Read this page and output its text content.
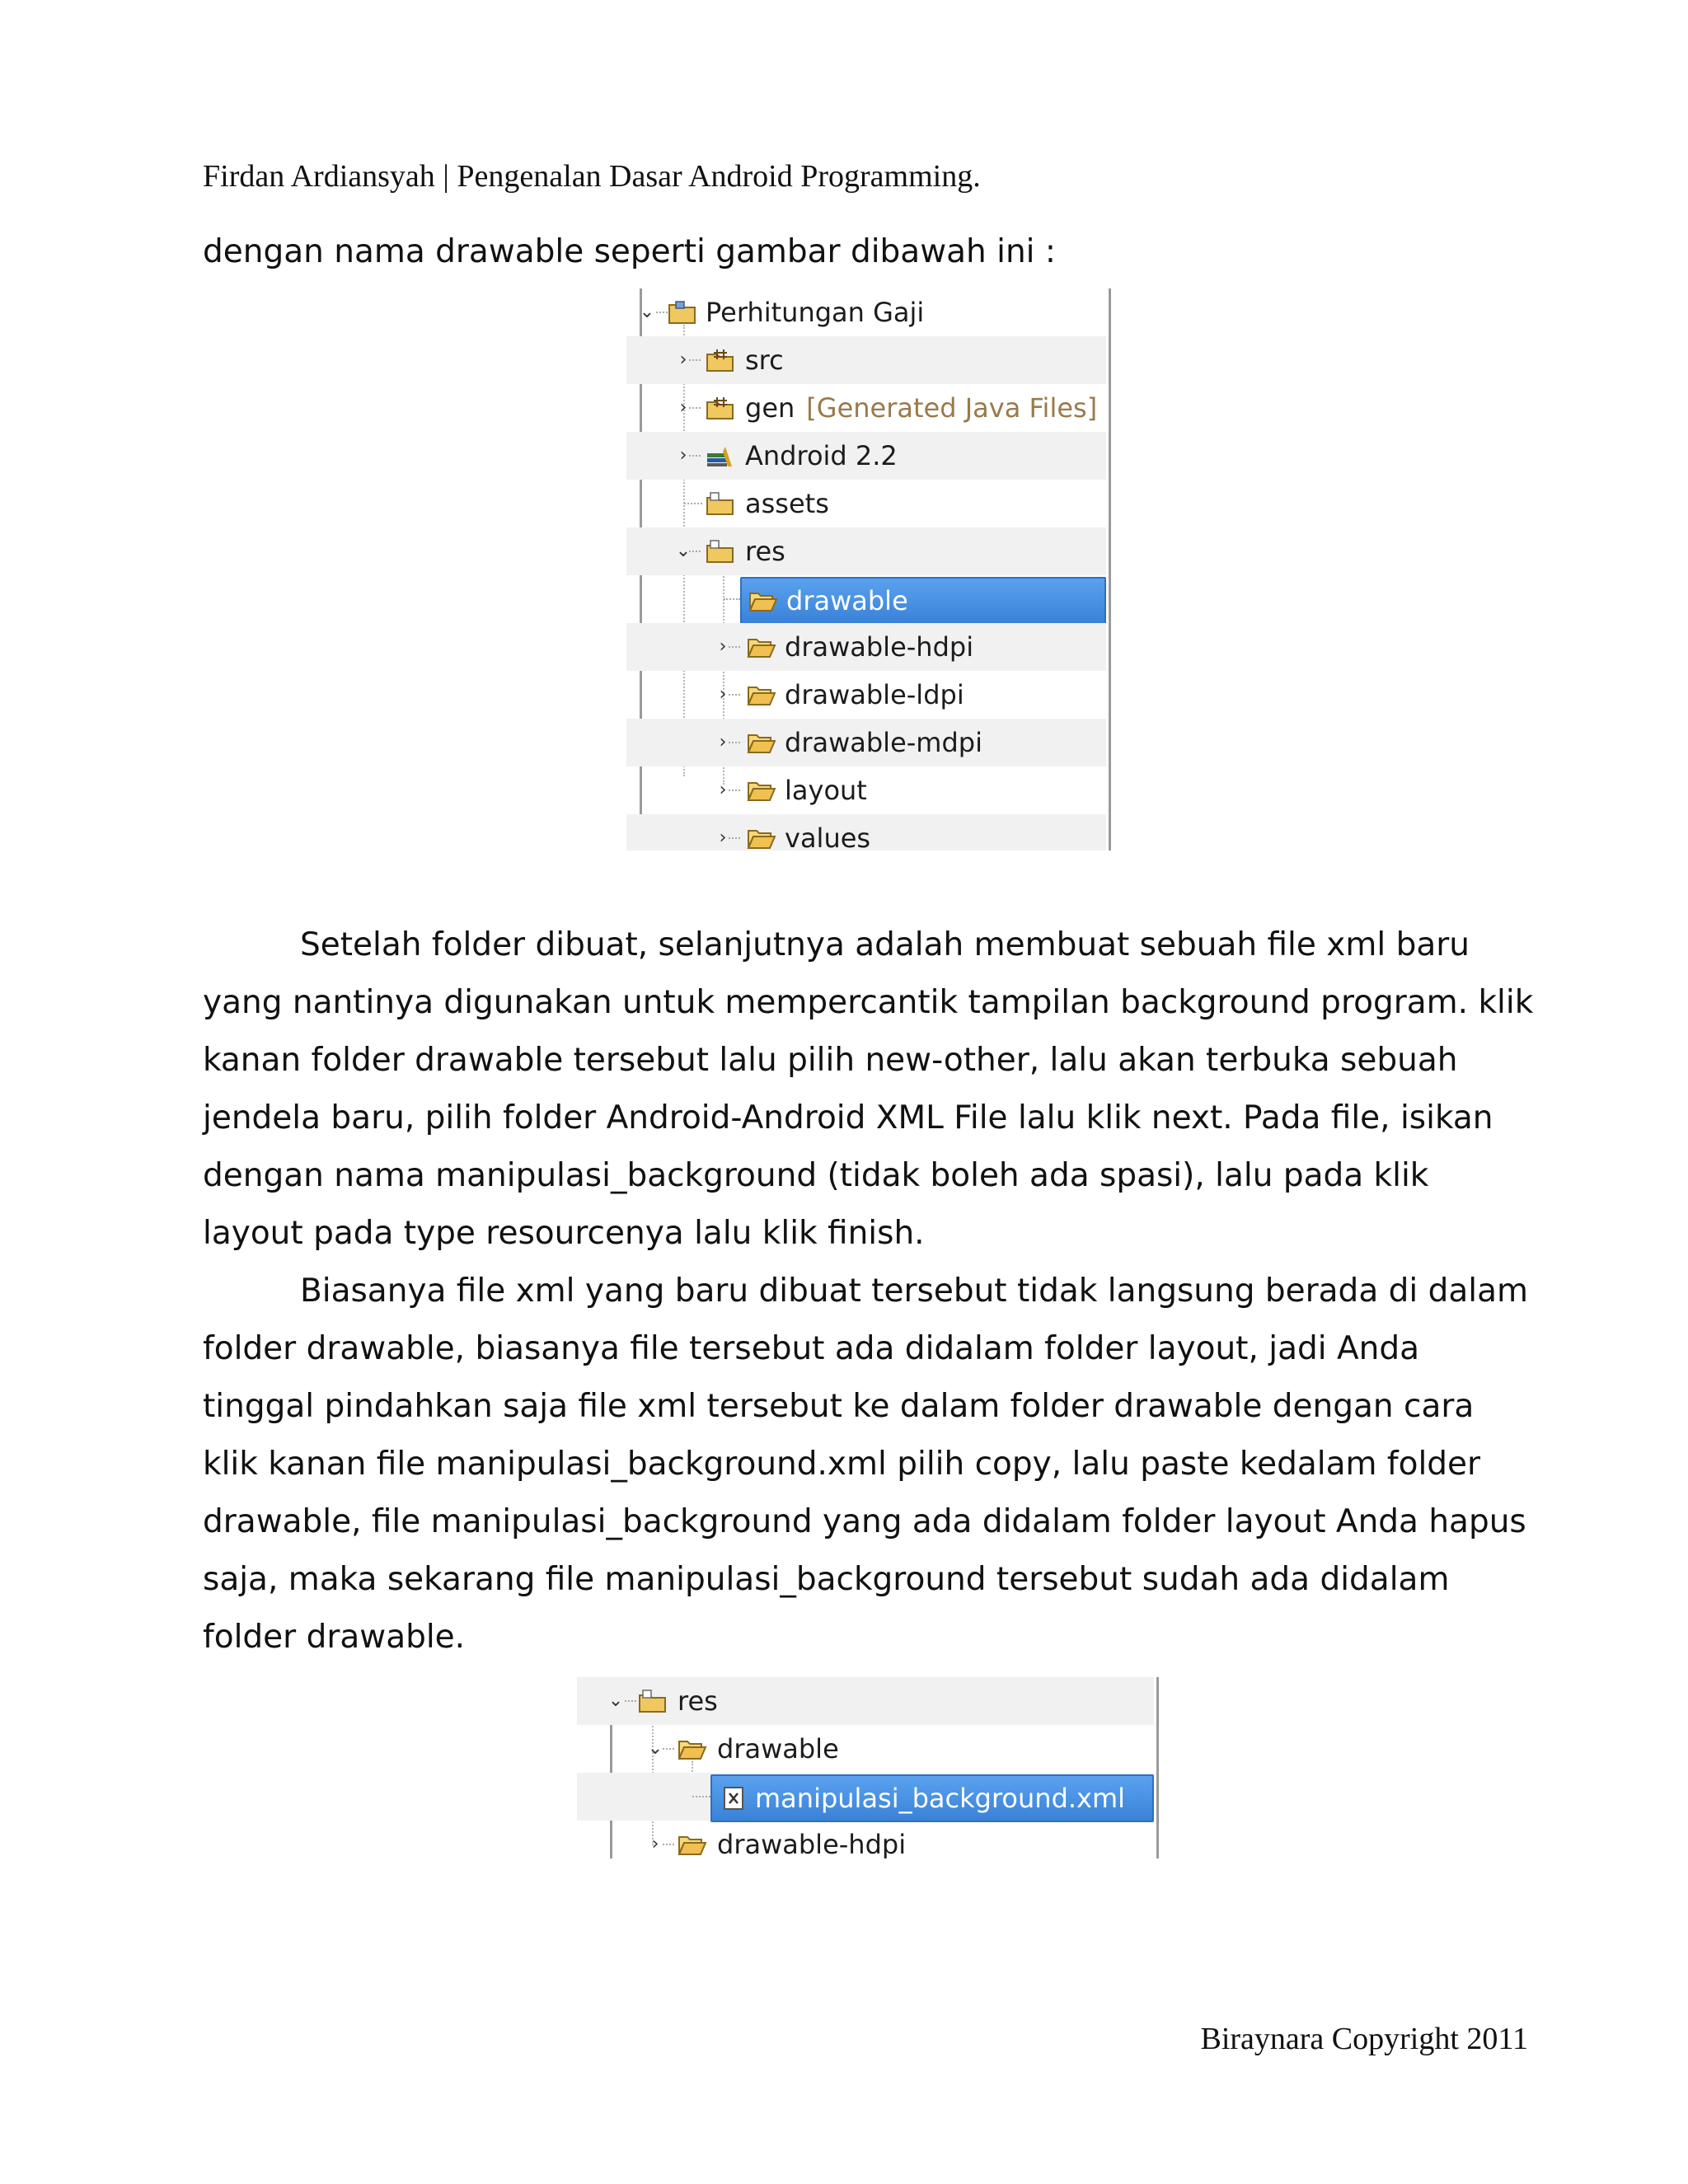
Firdan Ardiansyah | Pengenalan Dasar Android Programming.
dengan nama drawable seperti gambar dibawah ini :
⌄ Perhitungan Gaji
› src
› gen [Generated Java Files]
› Android 2.2
assets
⌄ res
drawable
› drawable-hdpi
› drawable-ldpi
› drawable-mdpi
› layout
› values

Setelah folder dibuat, selanjutnya adalah membuat sebuah file xml baru yang nantinya digunakan untuk mempercantik tampilan background program. klik kanan folder drawable tersebut lalu pilih new-other, lalu akan terbuka sebuah jendela baru, pilih folder Android-Android XML File lalu klik next. Pada file, isikan dengan nama manipulasi_background (tidak boleh ada spasi), lalu pada klik layout pada type resourcenya lalu klik finish.

Biasanya file xml yang baru dibuat tersebut tidak langsung berada di dalam folder drawable, biasanya file tersebut ada didalam folder layout, jadi Anda tinggal pindahkan saja file xml tersebut ke dalam folder drawable dengan cara klik kanan file manipulasi_background.xml pilih copy, lalu paste kedalam folder drawable, file manipulasi_background yang ada didalam folder layout Anda hapus saja, maka sekarang file manipulasi_background tersebut sudah ada didalam folder drawable.

⌄ res
⌄ drawable
manipulasi_background.xml
› drawable-hdpi
Biraynara Copyright 2011
